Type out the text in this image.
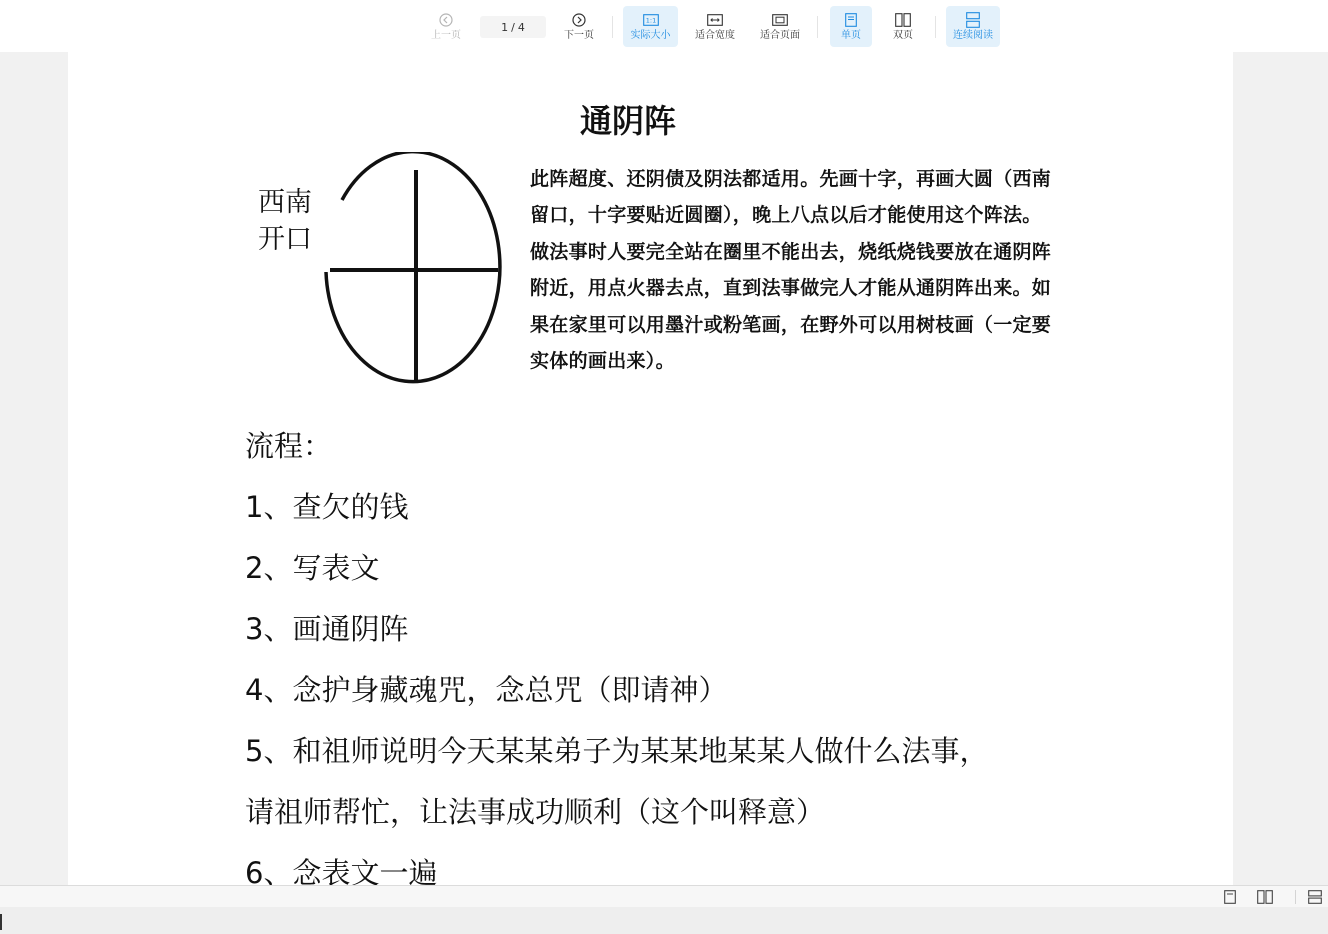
上一页
1 / 4
下一页
1:1
实际大小 适合宽度	适合页面	单页	双页	连续阅读
通阴阵
西南
开口
此阵超度、还阴债及阴法都适用。先画十字，再画大圆（西南
留口，十字要贴近圆圈），晚上八点以后才能使用这个阵法。
做法事时人要完全站在圈里不能出去，烧纸烧钱要放在通阴阵
附近，用点火器去点，直到法事做完人才能从通阴阵出来。如
果在家里可以用墨汁或粉笔画，在野外可以用树枝画（一定要
实体的画出来）。
流程：
1、查欠的钱
2、写表文
3、画通阴阵
4、念护身藏魂咒，念总咒（即请神）
5、和祖师说明今天某某弟子为某某地某某人做什么法事，
请祖师帮忙，让法事成功顺利（这个叫释意）
6、念表文一遍
